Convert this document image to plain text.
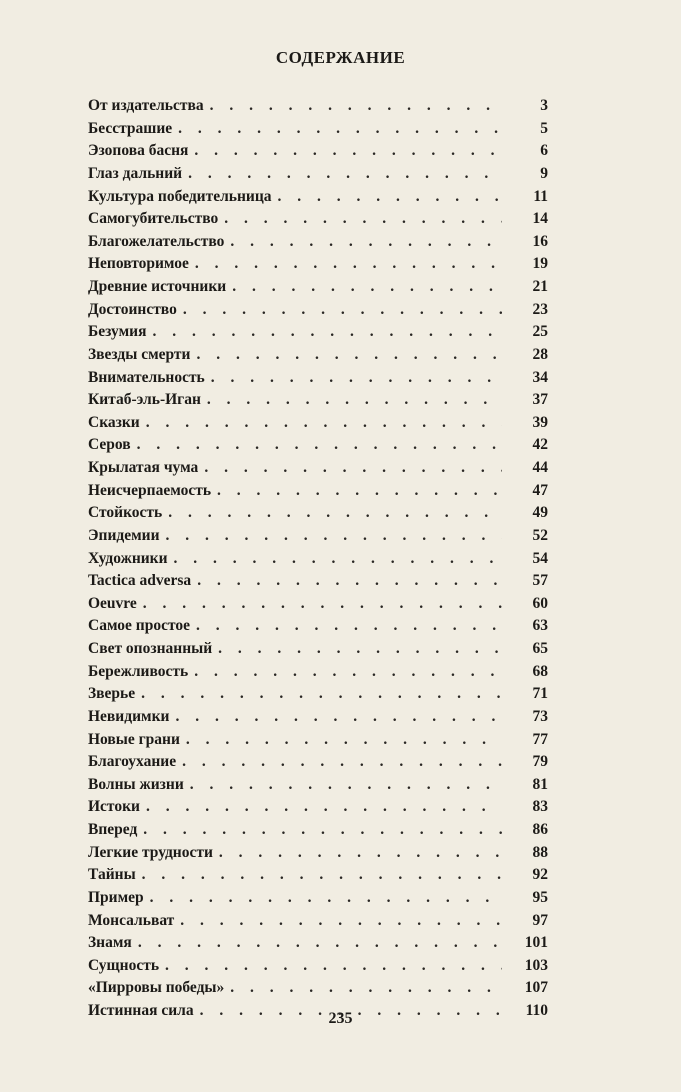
СОДЕРЖАНИЕ
От издательства . . .	3
Бесстрашие . . .	5
Эзопова басня . . .	6
Глаз дальний . . .	9
Культура победительница . . .	11
Самогубительство . . .	14
Благожелательство . . .	16
Неповторимое . . .	19
Древние источники . . .	21
Достоинство . . .	23
Безумия . . .	25
Звезды смерти . . .	28
Внимательность . . .	34
Китаб-эль-Иган . . .	37
Сказки . . .	39
Серов . . .	42
Крылатая чума . . .	44
Неисчерпаемость . . .	47
Стойкость . . .	49
Эпидемии . . .	52
Художники . . .	54
Tactica adversa . . .	57
Oeuvre . . .	60
Самое простое . . .	63
Свет опознанный . . .	65
Бережливость . . .	68
Зверье . . .	71
Невидимки . . .	73
Новые грани . . .	77
Благоухание . . .	79
Волны жизни . . .	81
Истоки . . .	83
Вперед . . .	86
Легкие трудности . . .	88
Тайны . . .	92
Пример . . .	95
Монсальват . . .	97
Знамя . . .	101
Сущность . . .	103
«Пирровы победы» . . .	107
Истинная сила . . .	110
235
